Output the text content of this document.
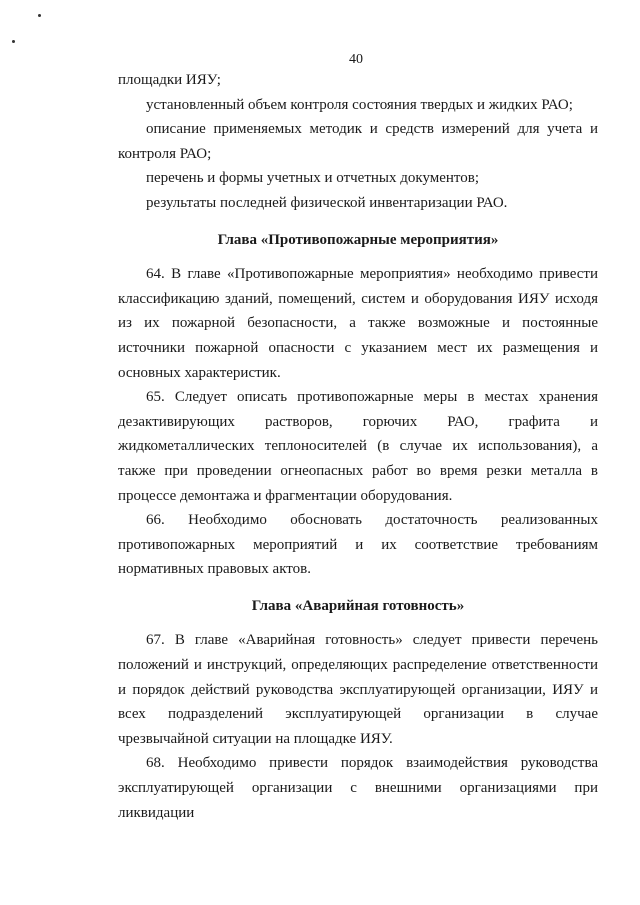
40

площадки ИЯУ;

установленный объем контроля состояния твердых и жидких РАО;

описание применяемых методик и средств измерений для учета и контроля РАО;

перечень и формы учетных и отчетных документов;

результаты последней физической инвентаризации РАО.

Глава «Противопожарные мероприятия»

64. В главе «Противопожарные мероприятия» необходимо привести классификацию зданий, помещений, систем и оборудования ИЯУ исходя из их пожарной безопасности, а также возможные и постоянные источники пожарной опасности с указанием мест их размещения и основных характеристик.

65. Следует описать противопожарные меры в местах хранения дезактивирующих растворов, горючих РАО, графита и жидкометаллических теплоносителей (в случае их использования), а также при проведении огнеопасных работ во время резки металла в процессе демонтажа и фрагментации оборудования.

66. Необходимо обосновать достаточность реализованных противопожарных мероприятий и их соответствие требованиям нормативных правовых актов.

Глава «Аварийная готовность»

67. В главе «Аварийная готовность» следует привести перечень положений и инструкций, определяющих распределение ответственности и порядок действий руководства эксплуатирующей организации, ИЯУ и всех подразделений эксплуатирующей организации в случае чрезвычайной ситуации на площадке ИЯУ.

68. Необходимо привести порядок взаимодействия руководства эксплуатирующей организации с внешними организациями при ликвидации
